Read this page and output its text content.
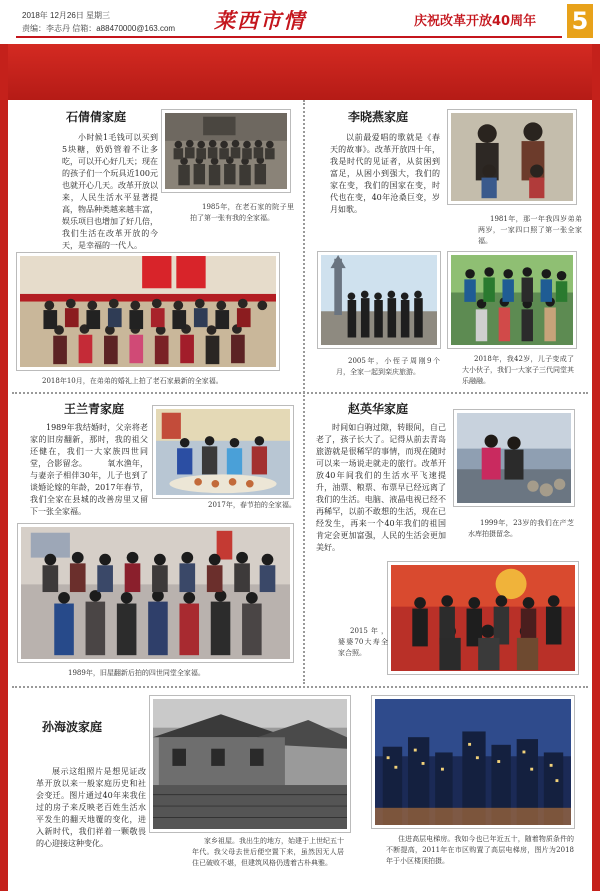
2018年 12月26日 星期三
责编：李志丹 信箱：a88470000@163.com 莱西市情	庆祝改革开放40周年 5
石倩倩家庭
小时候1毛钱可以买到5块糖，奶奶管着不让多吃，可以开心好几天；现在的孩子们一个玩具近100元也就开心几天。改革开放以来，人民生活水平显著提高，物品种类越来越丰富，娱乐项目也增加了好几倍，我们生活在改革开放的今天，是幸福的一代人。
1985年，在老石家的院子里拍了第一张有我的全家福。
2018年10月，在弟弟的婚礼上拍了老石家最新的全家福。
李晓燕家庭
以前最爱唱的歌就是《春天的故事》。改革开放四十年，我是时代的见证者，从贫困到富足，从困小到强大，我们的家在变，我们的国家在变，时代也在变，40年沧桑巨变，岁月如歌。
1981年，那一年我四岁弟弟两岁，一家四口照了第一张全家福。
2005年，小侄子周刚9个月，全家一起到栾庆旅游。
2018年，我42岁，儿子变成了大小伙子，我们一大家子三代同堂其乐融融。
王兰青家庭
1989年我结婚时，父亲将老家的旧房翻新，那时，我的祖父还健在，我们一大家族四世同堂，合影留念。　　　氧水渔年，与妻亲子相伴30年，儿子也到了谈婚论嫁的年龄，2017年春节，我们全家在县城的改善房里又留下一张全家福。
2017年，春节拍的全家福。
1989年，旧屋翻新后拍的四世同堂全家福。
赵英华家庭
时间如白驹过隙，转眼间，自己老了，孩子长大了。记得从前去青岛旅游就是很稀罕的事情，而现在随时可以来一场说走就走的旅行。改革开放40年间我们的生活水平飞速提升，油票、粮票、布票早已经远离了我们的生活。电脑、液晶电视已经不再稀罕，以前不敢想的生活，现在已经发生，再来一个40年我们的祖国肯定会更加富强，人民的生活会更加美好。
1999年，23岁的我们在产芝水库拍摄留念。
2015年，婆婆70大寿全家合照。
孙海波家庭
展示这组照片是想见证改革开放以来一般家庭历史和社会变迁。图片通过40年来我住过的房子来反映老百姓生活水平发生的翻天地覆的变化，进入新时代，我们祥着一颗敬畏的心迎接这种变化。	家乡祖屋。我出生的地方，始建于上世纪五十年代。我父母去世后便空置下来，虽然因无人居住已破败不堪，但建筑风格仍透着古朴典雅。
住进高层电梯房。我如今也已年近五十，随着物质条件的不断提高，2011年在市区购置了高层电梯房，图片为2018年于小区楼顶拍摄。
